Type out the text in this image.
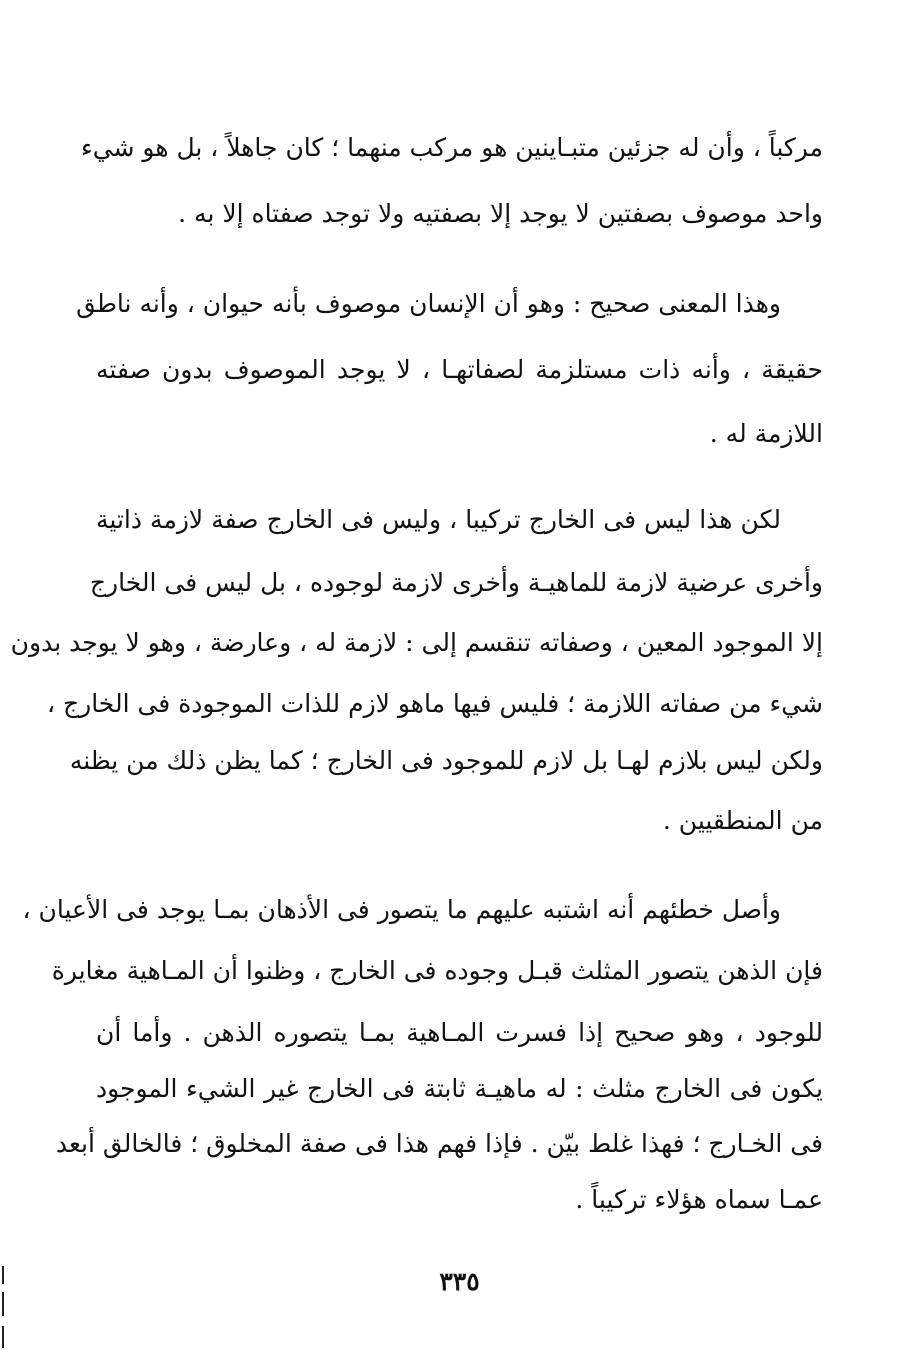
مركباً ، وأن له جزئين متبـاينين هو مركب منهما ؛ كان جاهلاً ، بل هو شيء
واحد موصوف بصفتين لا يوجد إلا بصفتيه ولا توجد صفتاه إلا به .
وهذا المعنى صحيح : وهو أن الإنسان موصوف بأنه حيوان ، وأنه ناطق
حقيقة ، وأنه ذات مستلزمة لصفاتهـا ، لا يوجد الموصوف بدون صفته
اللازمة له .
لكن هذا ليس فى الخارج تركيبا ، وليس فى الخارج صفة لازمة ذاتية
وأخرى عرضية لازمة للماهيـة وأخرى لازمة لوجوده ، بل ليس فى الخارج
إلا الموجود المعين ، وصفاته تنقسم إلى : لازمة له ، وعارضة ، وهو لا يوجد بدون
شيء من صفاته اللازمة ؛ فليس فيها ماهو لازم للذات الموجودة فى الخارج ،
ولكن ليس بلازم لهـا بل لازم للموجود فى الخارج ؛ كما يظن ذلك من يظنه
من المنطقيين .
وأصل خطئهم أنه اشتبه عليهم ما يتصور فى الأذهان بمـا يوجد فى الأعيان ،
فإن الذهن يتصور المثلث قبـل وجوده فى الخارج ، وظنوا أن المـاهية مغايرة
للوجود ، وهو صحيح إذا فسرت المـاهية بمـا يتصوره الذهن . وأما أن
يكون فى الخارج مثلث : له ماهيـة ثابتة فى الخارج غير الشيء الموجود
فى الخـارج ؛ فهذا غلط بيّن . فإذا فهم هذا فى صفة المخلوق ؛ فالخالق أبعد
عمـا سماه هؤلاء تركيباً .
٣٣٥
